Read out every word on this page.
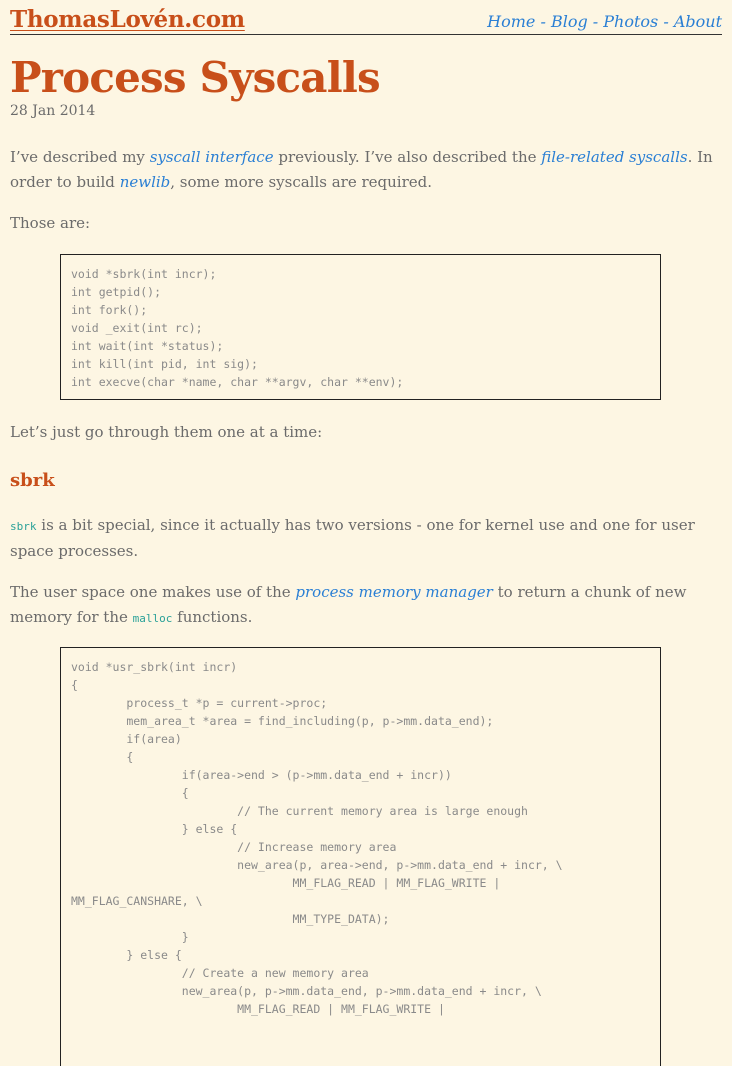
ThomasLovén.com	Home - Blog - Photos - About
Process Syscalls
28 Jan 2014

I’ve described my syscall interface previously. I’ve also described the file-related syscalls. In order to build newlib, some more syscalls are required.

Those are:

void *sbrk(int incr);
int getpid();
int fork();
void _exit(int rc);
int wait(int *status);
int kill(int pid, int sig);
int execve(char *name, char **argv, char **env);

Let’s just go through them one at a time:

sbrk

sbrk is a bit special, since it actually has two versions - one for kernel use and one for user space processes.

The user space one makes use of the process memory manager to return a chunk of new memory for the malloc functions.

void *usr_sbrk(int incr)
{
process_t *p = current->proc;
mem_area_t *area = find_including(p, p->mm.data_end);
if(area)
{
if(area->end > (p->mm.data_end + incr))
{
// The current memory area is large enough
} else {
// Increase memory area
new_area(p, area->end, p->mm.data_end + incr, \
MM_FLAG_READ | MM_FLAG_WRITE |
MM_FLAG_CANSHARE, \
MM_TYPE_DATA);
}
} else {
// Create a new memory area
new_area(p, p->mm.data_end, p->mm.data_end + incr, \
MM_FLAG_READ | MM_FLAG_WRITE |
